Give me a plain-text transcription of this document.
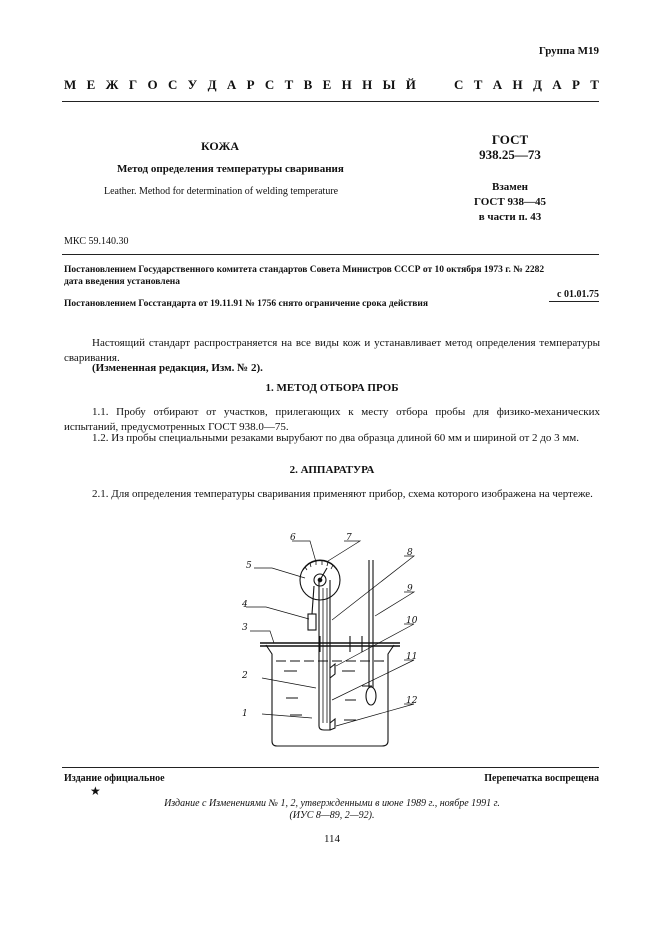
Группа М19
М Е Ж Г О С У Д А Р С Т В Е Н Н Ы Й	С Т А Н Д А Р Т
КОЖА
Метод определения температуры сваривания
Leather. Method for determination of welding temperature
ГОСТ
938.25—73
Взамен
ГОСТ 938—45
в части п. 43
МКС 59.140.30
Постановлением Государственного комитета стандартов Совета Министров СССР от 10 октября 1973 г. № 2282
дата введения установлена
с 01.01.75
Постановлением Госстандарта от 19.11.91 № 1756 снято ограничение срока действия
Настоящий стандарт распространяется на все виды кож и устанавливает метод определения температуры сваривания.
(Измененная редакция, Изм. № 2).
1. МЕТОД ОТБОРА ПРОБ
1.1. Пробу отбирают от участков, прилегающих к месту отбора пробы для физико-механических испытаний, предусмотренных ГОСТ 938.0—75.
1.2. Из пробы специальными резаками вырубают по два образца длиной 60 мм и шириной от 2 до 3 мм.
2. АППАРАТУРА
2.1. Для определения температуры сваривания применяют прибор, схема которого изображена на чертеже.
1
2
3
4
5
6	7
8
9
10
11
12
Издание официальное
★
Перепечатка воспрещена
Издание с Изменениями № 1, 2, утвержденными в июне 1989 г., ноябре 1991 г.
(ИУС 8—89, 2—92).
114
